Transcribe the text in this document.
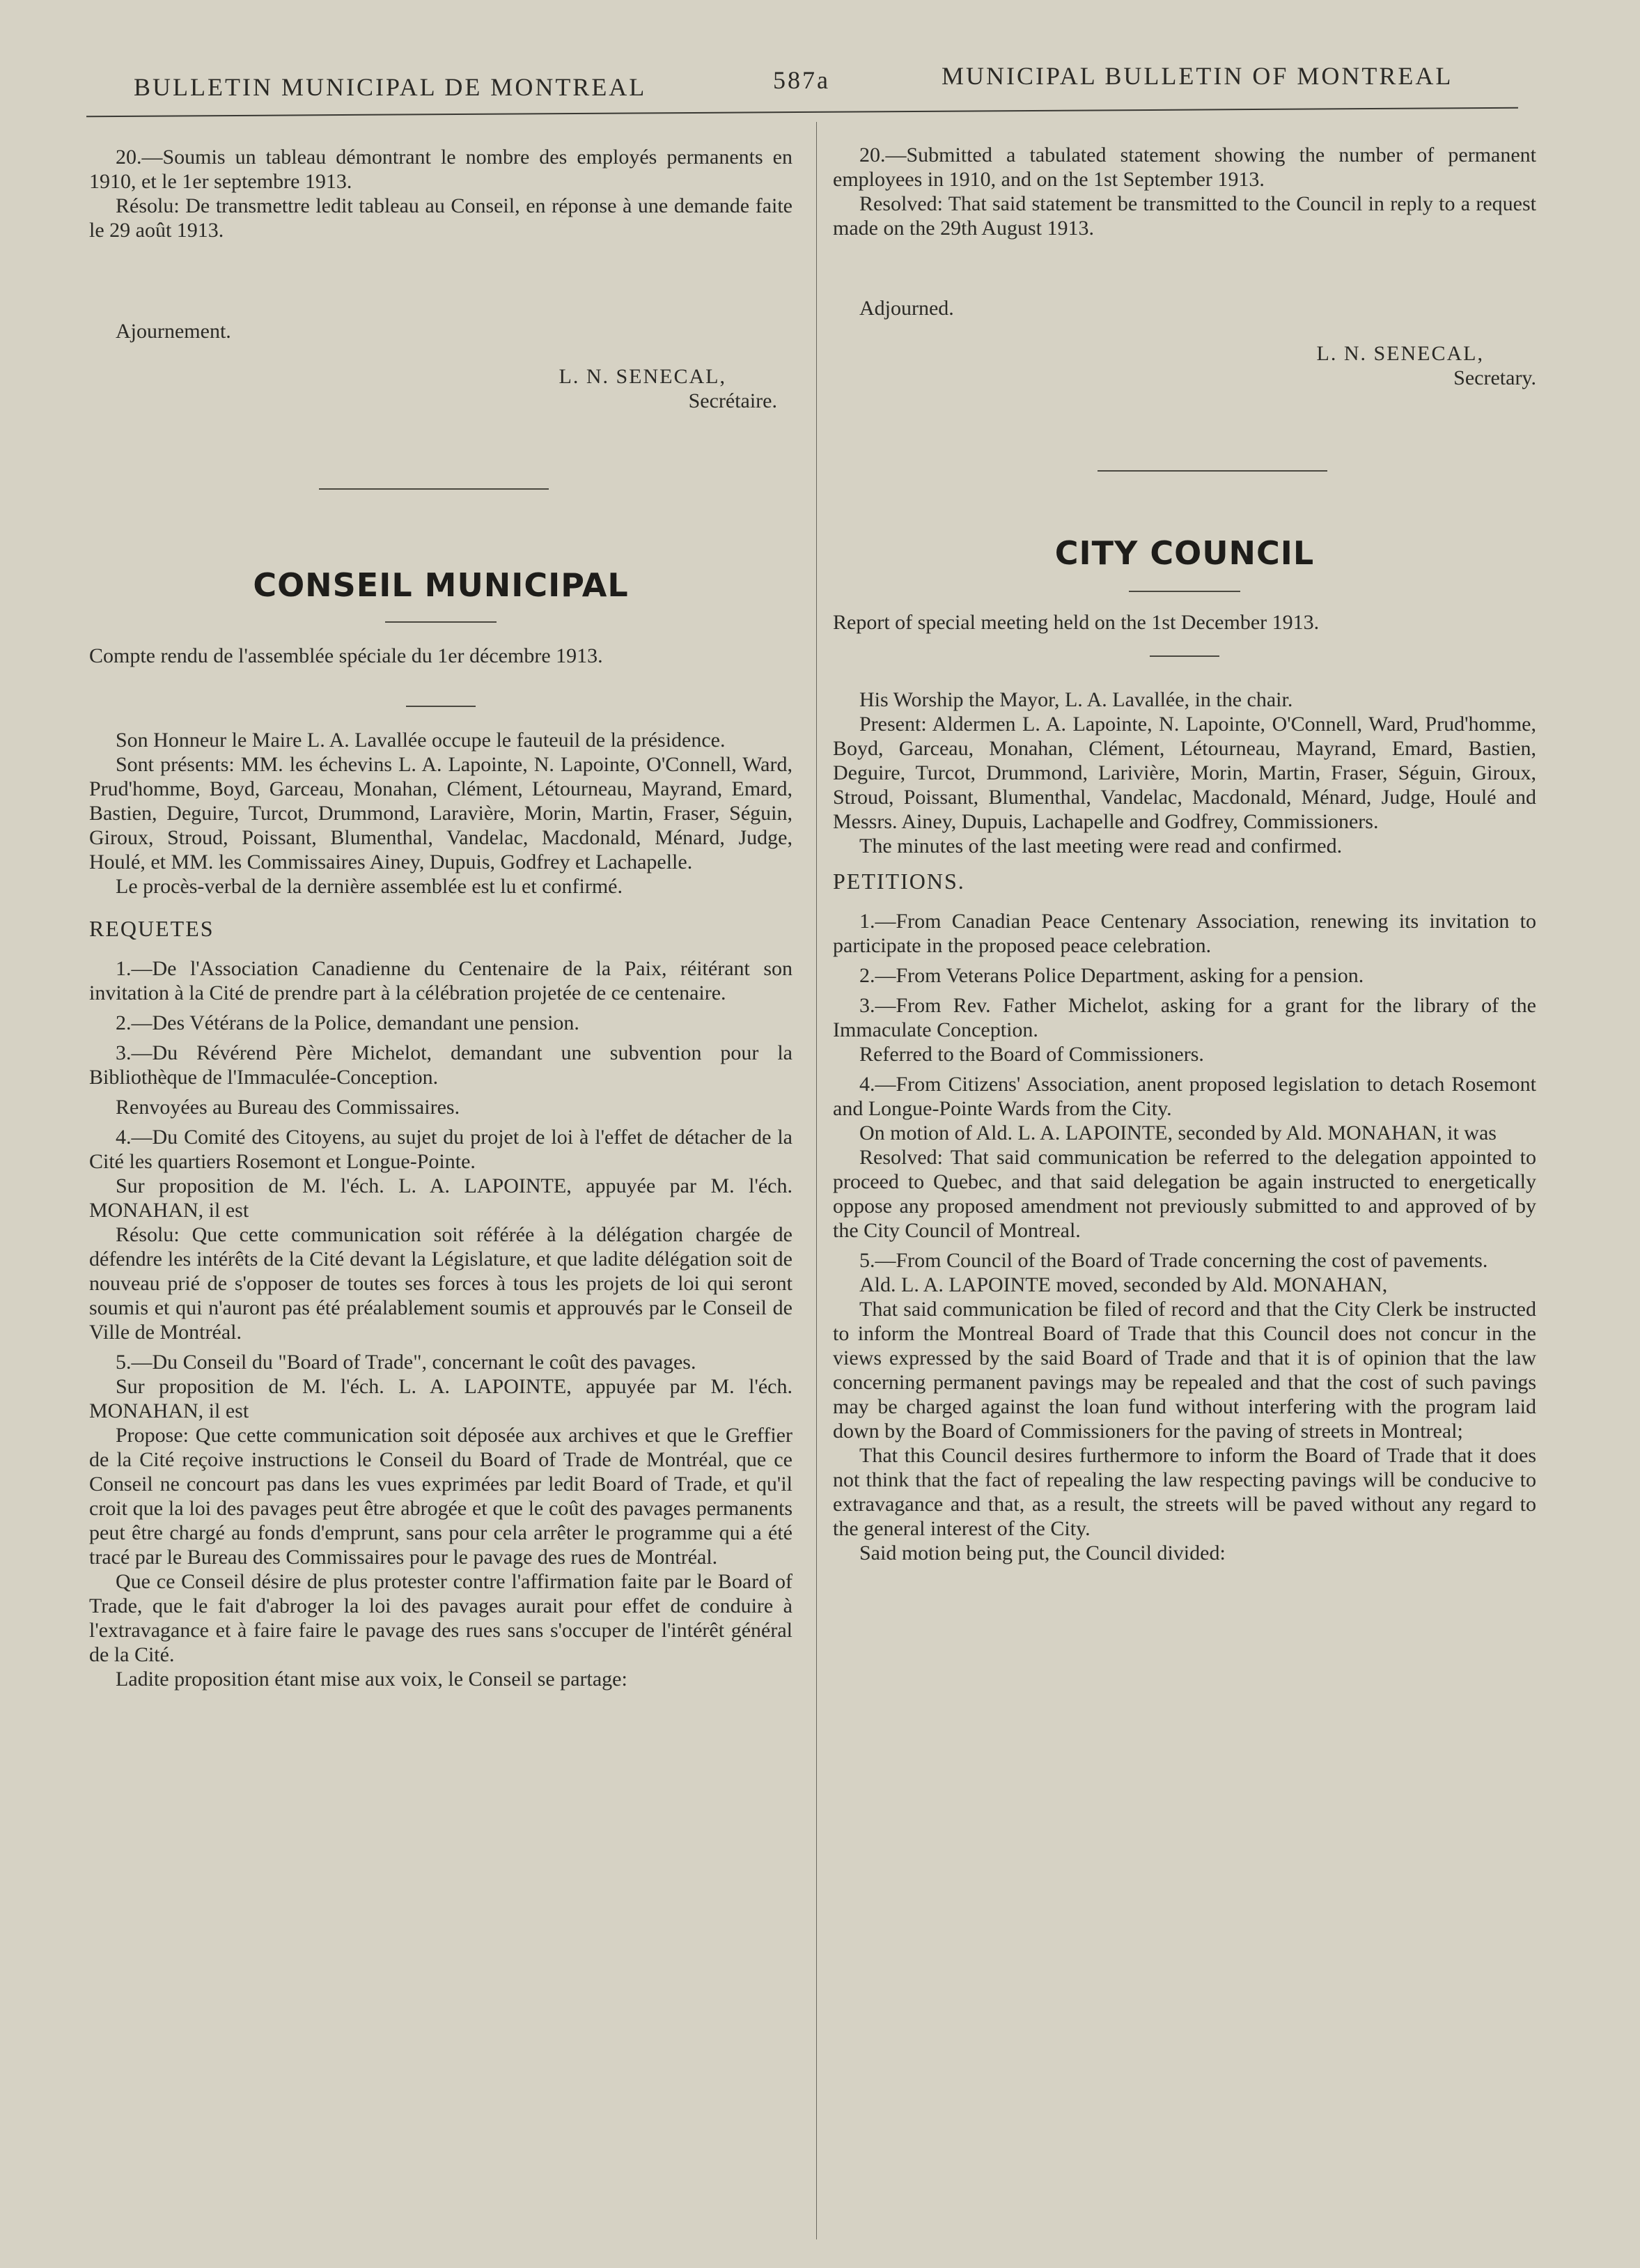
BULLETIN MUNICIPAL DE MONTREAL	587a	MUNICIPAL BULLETIN OF MONTREAL

20.—Soumis un tableau démontrant le nombre des employés permanents en 1910, et le 1er septembre 1913.

Résolu: De transmettre ledit tableau au Conseil, en réponse à une demande faite le 29 août 1913.

Ajournement.

L. N. SENECAL,

Secrétaire.

CONSEIL MUNICIPAL

Compte rendu de l'assemblée spéciale du 1er décembre 1913.

Son Honneur le Maire L. A. Lavallée occupe le fauteuil de la présidence.

Sont présents: MM. les échevins L. A. Lapointe, N. Lapointe, O'Connell, Ward, Prud'homme, Boyd, Garceau, Monahan, Clément, Létourneau, Mayrand, Emard, Bastien, Deguire, Turcot, Drummond, Laravière, Morin, Martin, Fraser, Séguin, Giroux, Stroud, Poissant, Blumenthal, Vandelac, Macdonald, Ménard, Judge, Houlé, et MM. les Commissaires Ainey, Dupuis, Godfrey et Lachapelle.

Le procès-verbal de la dernière assemblée est lu et confirmé.

REQUETES

1.—De l'Association Canadienne du Centenaire de la Paix, réitérant son invitation à la Cité de prendre part à la célébration projetée de ce centenaire.

2.—Des Vétérans de la Police, demandant une pension.

3.—Du Révérend Père Michelot, demandant une subvention pour la Bibliothèque de l'Immaculée-Conception.

Renvoyées au Bureau des Commissaires.

4.—Du Comité des Citoyens, au sujet du projet de loi à l'effet de détacher de la Cité les quartiers Rosemont et Longue-Pointe.

Sur proposition de M. l'éch. L. A. LAPOINTE, appuyée par M. l'éch. MONAHAN, il est

Résolu: Que cette communication soit référée à la délégation chargée de défendre les intérêts de la Cité devant la Législature, et que ladite délégation soit de nouveau prié de s'opposer de toutes ses forces à tous les projets de loi qui seront soumis et qui n'auront pas été préalablement soumis et approuvés par le Conseil de Ville de Montréal.

5.—Du Conseil du "Board of Trade", concernant le coût des pavages.

Sur proposition de M. l'éch. L. A. LAPOINTE, appuyée par M. l'éch. MONAHAN, il est

Propose: Que cette communication soit déposée aux archives et que le Greffier de la Cité reçoive instructions le Conseil du Board of Trade de Montréal, que ce Conseil ne concourt pas dans les vues exprimées par ledit Board of Trade, et qu'il croit que la loi des pavages peut être abrogée et que le coût des pavages permanents peut être chargé au fonds d'emprunt, sans pour cela arrêter le programme qui a été tracé par le Bureau des Commissaires pour le pavage des rues de Montréal.

Que ce Conseil désire de plus protester contre l'affirmation faite par le Board of Trade, que le fait d'abroger la loi des pavages aurait pour effet de conduire à l'extravagance et à faire faire le pavage des rues sans s'occuper de l'intérêt général de la Cité.

Ladite proposition étant mise aux voix, le Conseil se partage:

20.—Submitted a tabulated statement showing the number of permanent employees in 1910, and on the 1st September 1913.

Resolved: That said statement be transmitted to the Council in reply to a request made on the 29th August 1913.

Adjourned.

L. N. SENECAL,

Secretary.

CITY COUNCIL

Report of special meeting held on the 1st December 1913.

His Worship the Mayor, L. A. Lavallée, in the chair.

Present: Aldermen L. A. Lapointe, N. Lapointe, O'Connell, Ward, Prud'homme, Boyd, Garceau, Monahan, Clément, Létourneau, Mayrand, Emard, Bastien, Deguire, Turcot, Drummond, Larivière, Morin, Martin, Fraser, Séguin, Giroux, Stroud, Poissant, Blumenthal, Vandelac, Macdonald, Ménard, Judge, Houlé and Messrs. Ainey, Dupuis, Lachapelle and Godfrey, Commissioners.

The minutes of the last meeting were read and confirmed.

PETITIONS.

1.—From Canadian Peace Centenary Association, renewing its invitation to participate in the proposed peace celebration.

2.—From Veterans Police Department, asking for a pension.

3.—From Rev. Father Michelot, asking for a grant for the library of the Immaculate Conception.

Referred to the Board of Commissioners.

4.—From Citizens' Association, anent proposed legislation to detach Rosemont and Longue-Pointe Wards from the City.

On motion of Ald. L. A. LAPOINTE, seconded by Ald. MONAHAN, it was

Resolved: That said communication be referred to the delegation appointed to proceed to Quebec, and that said delegation be again instructed to energetically oppose any proposed amendment not previously submitted to and approved of by the City Council of Montreal.

5.—From Council of the Board of Trade concerning the cost of pavements.

Ald. L. A. LAPOINTE moved, seconded by Ald. MONAHAN,

That said communication be filed of record and that the City Clerk be instructed to inform the Montreal Board of Trade that this Council does not concur in the views expressed by the said Board of Trade and that it is of opinion that the law concerning permanent pavings may be repealed and that the cost of such pavings may be charged against the loan fund without interfering with the program laid down by the Board of Commissioners for the paving of streets in Montreal;

That this Council desires furthermore to inform the Board of Trade that it does not think that the fact of repealing the law respecting pavings will be conducive to extravagance and that, as a result, the streets will be paved without any regard to the general interest of the City.

Said motion being put, the Council divided:
